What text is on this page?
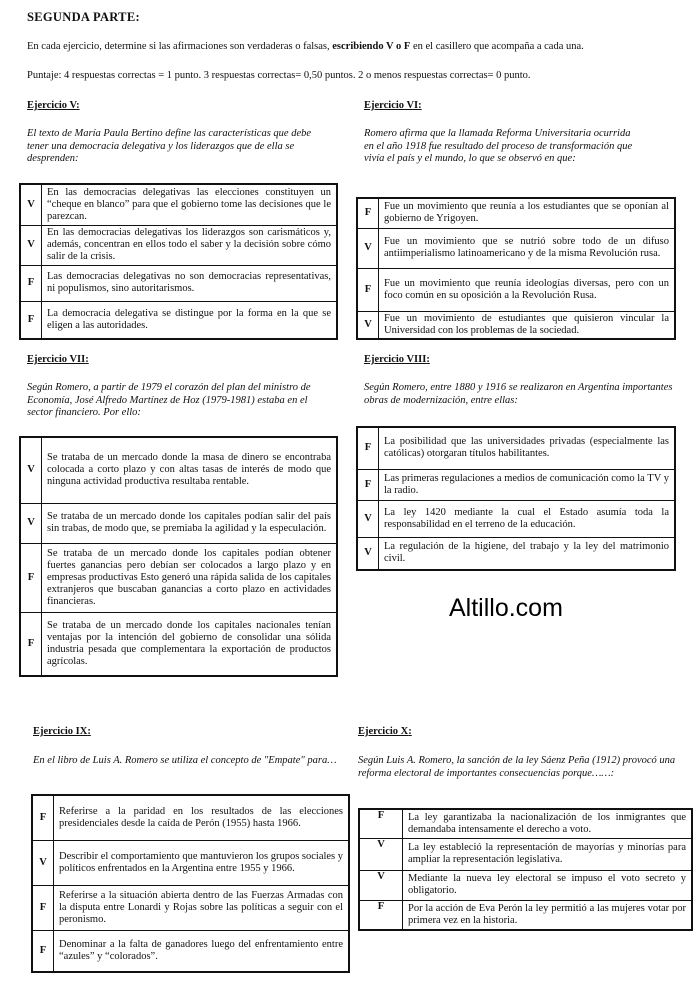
SEGUNDA PARTE:
En cada ejercicio, determine si las afirmaciones son verdaderas o falsas, escribiendo V o F en el casillero que acompaña a cada una.
Puntaje: 4 respuestas correctas = 1 punto. 3 respuestas correctas= 0,50 puntos. 2 o menos respuestas correctas= 0 punto.
Ejercicio V:
El texto de María Paula Bertino define las características que debe tener una democracia delegativa y los liderazgos que de ella se desprenden:
V	En las democracias delegativas las elecciones constituyen un “cheque en blanco” para que el gobierno tome las decisiones que le parezcan.
V	En las democracias delegativas los liderazgos son carismáticos y, además, concentran en ellos todo el saber y la decisión sobre cómo salir de la crisis.
F	Las democracias delegativas no son democracias representativas, ni populismos, sino autoritarismos.
F	La democracia delegativa se distingue por la forma en la que se eligen a las autoridades.
Ejercicio VI:
Romero afirma que la llamada Reforma Universitaria ocurrida en el año 1918 fue resultado del proceso de transformación que vivía el país y el mundo, lo que se observó en que:
F	Fue un movimiento que reunía a los estudiantes que se oponían al gobierno de Yrigoyen.
V	Fue un movimiento que se nutrió sobre todo de un difuso antiimperialismo latinoamericano y de la misma Revolución rusa.
F	Fue un movimiento que reunía ideologías diversas, pero con un foco común en su oposición a la Revolución Rusa.
V	Fue un movimiento de estudiantes que quisieron vincular la Universidad con los problemas de la sociedad.
Ejercicio VII:
Según Romero, a partir de 1979 el corazón del plan del ministro de Economía, José Alfredo Martínez de Hoz (1979-1981) estaba en el sector financiero. Por ello:
V	Se trataba de un mercado donde la masa de dinero se encontraba colocada a corto plazo y con altas tasas de interés de modo que ninguna actividad productiva resultaba rentable.
V	Se trataba de un mercado donde los capitales podían salir del país sin trabas, de modo que, se premiaba la agilidad y la especulación.
F	Se trataba de un mercado donde los capitales podían obtener fuertes ganancias pero debían ser colocados a largo plazo y en empresas productivas Esto generó una rápida salida de los capitales extranjeros que buscaban ganancias a corto plazo en actividades financieras.
F	Se trataba de un mercado donde los capitales nacionales tenían ventajas por la intención del gobierno de consolidar una sólida industria pesada que complementara la exportación de productos agrícolas.
Ejercicio VIII:
Según Romero, entre 1880 y 1916 se realizaron en Argentina importantes obras de modernización, entre ellas:
F	La posibilidad que las universidades privadas (especialmente las católicas) otorgaran títulos habilitantes.
F	Las primeras regulaciones a medios de comunicación como la TV y la radio.
V	La ley 1420 mediante la cual el Estado asumía toda la responsabilidad en el terreno de la educación.
V	La regulación de la higiene, del trabajo y la ley del matrimonio civil.
Altillo.com
Ejercicio IX:
En el libro de Luis A. Romero se utiliza el concepto de "Empate" para…
F	Referirse a la paridad en los resultados de las elecciones presidenciales desde la caída de Perón (1955) hasta 1966.
V	Describir el comportamiento que mantuvieron los grupos sociales y políticos enfrentados en la Argentina entre 1955 y 1966.
F	Referirse a la situación abierta dentro de las Fuerzas Armadas con la disputa entre Lonardi y Rojas sobre las políticas a seguir con el peronismo.
F	Denominar a la falta de ganadores luego del enfrentamiento entre “azules” y “colorados”.
Ejercicio X:
Según Luis A. Romero, la sanción de la ley Sáenz Peña (1912) provocó una reforma electoral de importantes consecuencias porque……:
F	La ley garantizaba la nacionalización de los inmigrantes que demandaba intensamente el derecho a voto.
V	La ley estableció la representación de mayorías y minorías para ampliar la representación legislativa.
V	Mediante la nueva ley electoral se impuso el voto secreto y obligatorio.
F	Por la acción de Eva Perón la ley permitió a las mujeres votar por primera vez en la historia.
